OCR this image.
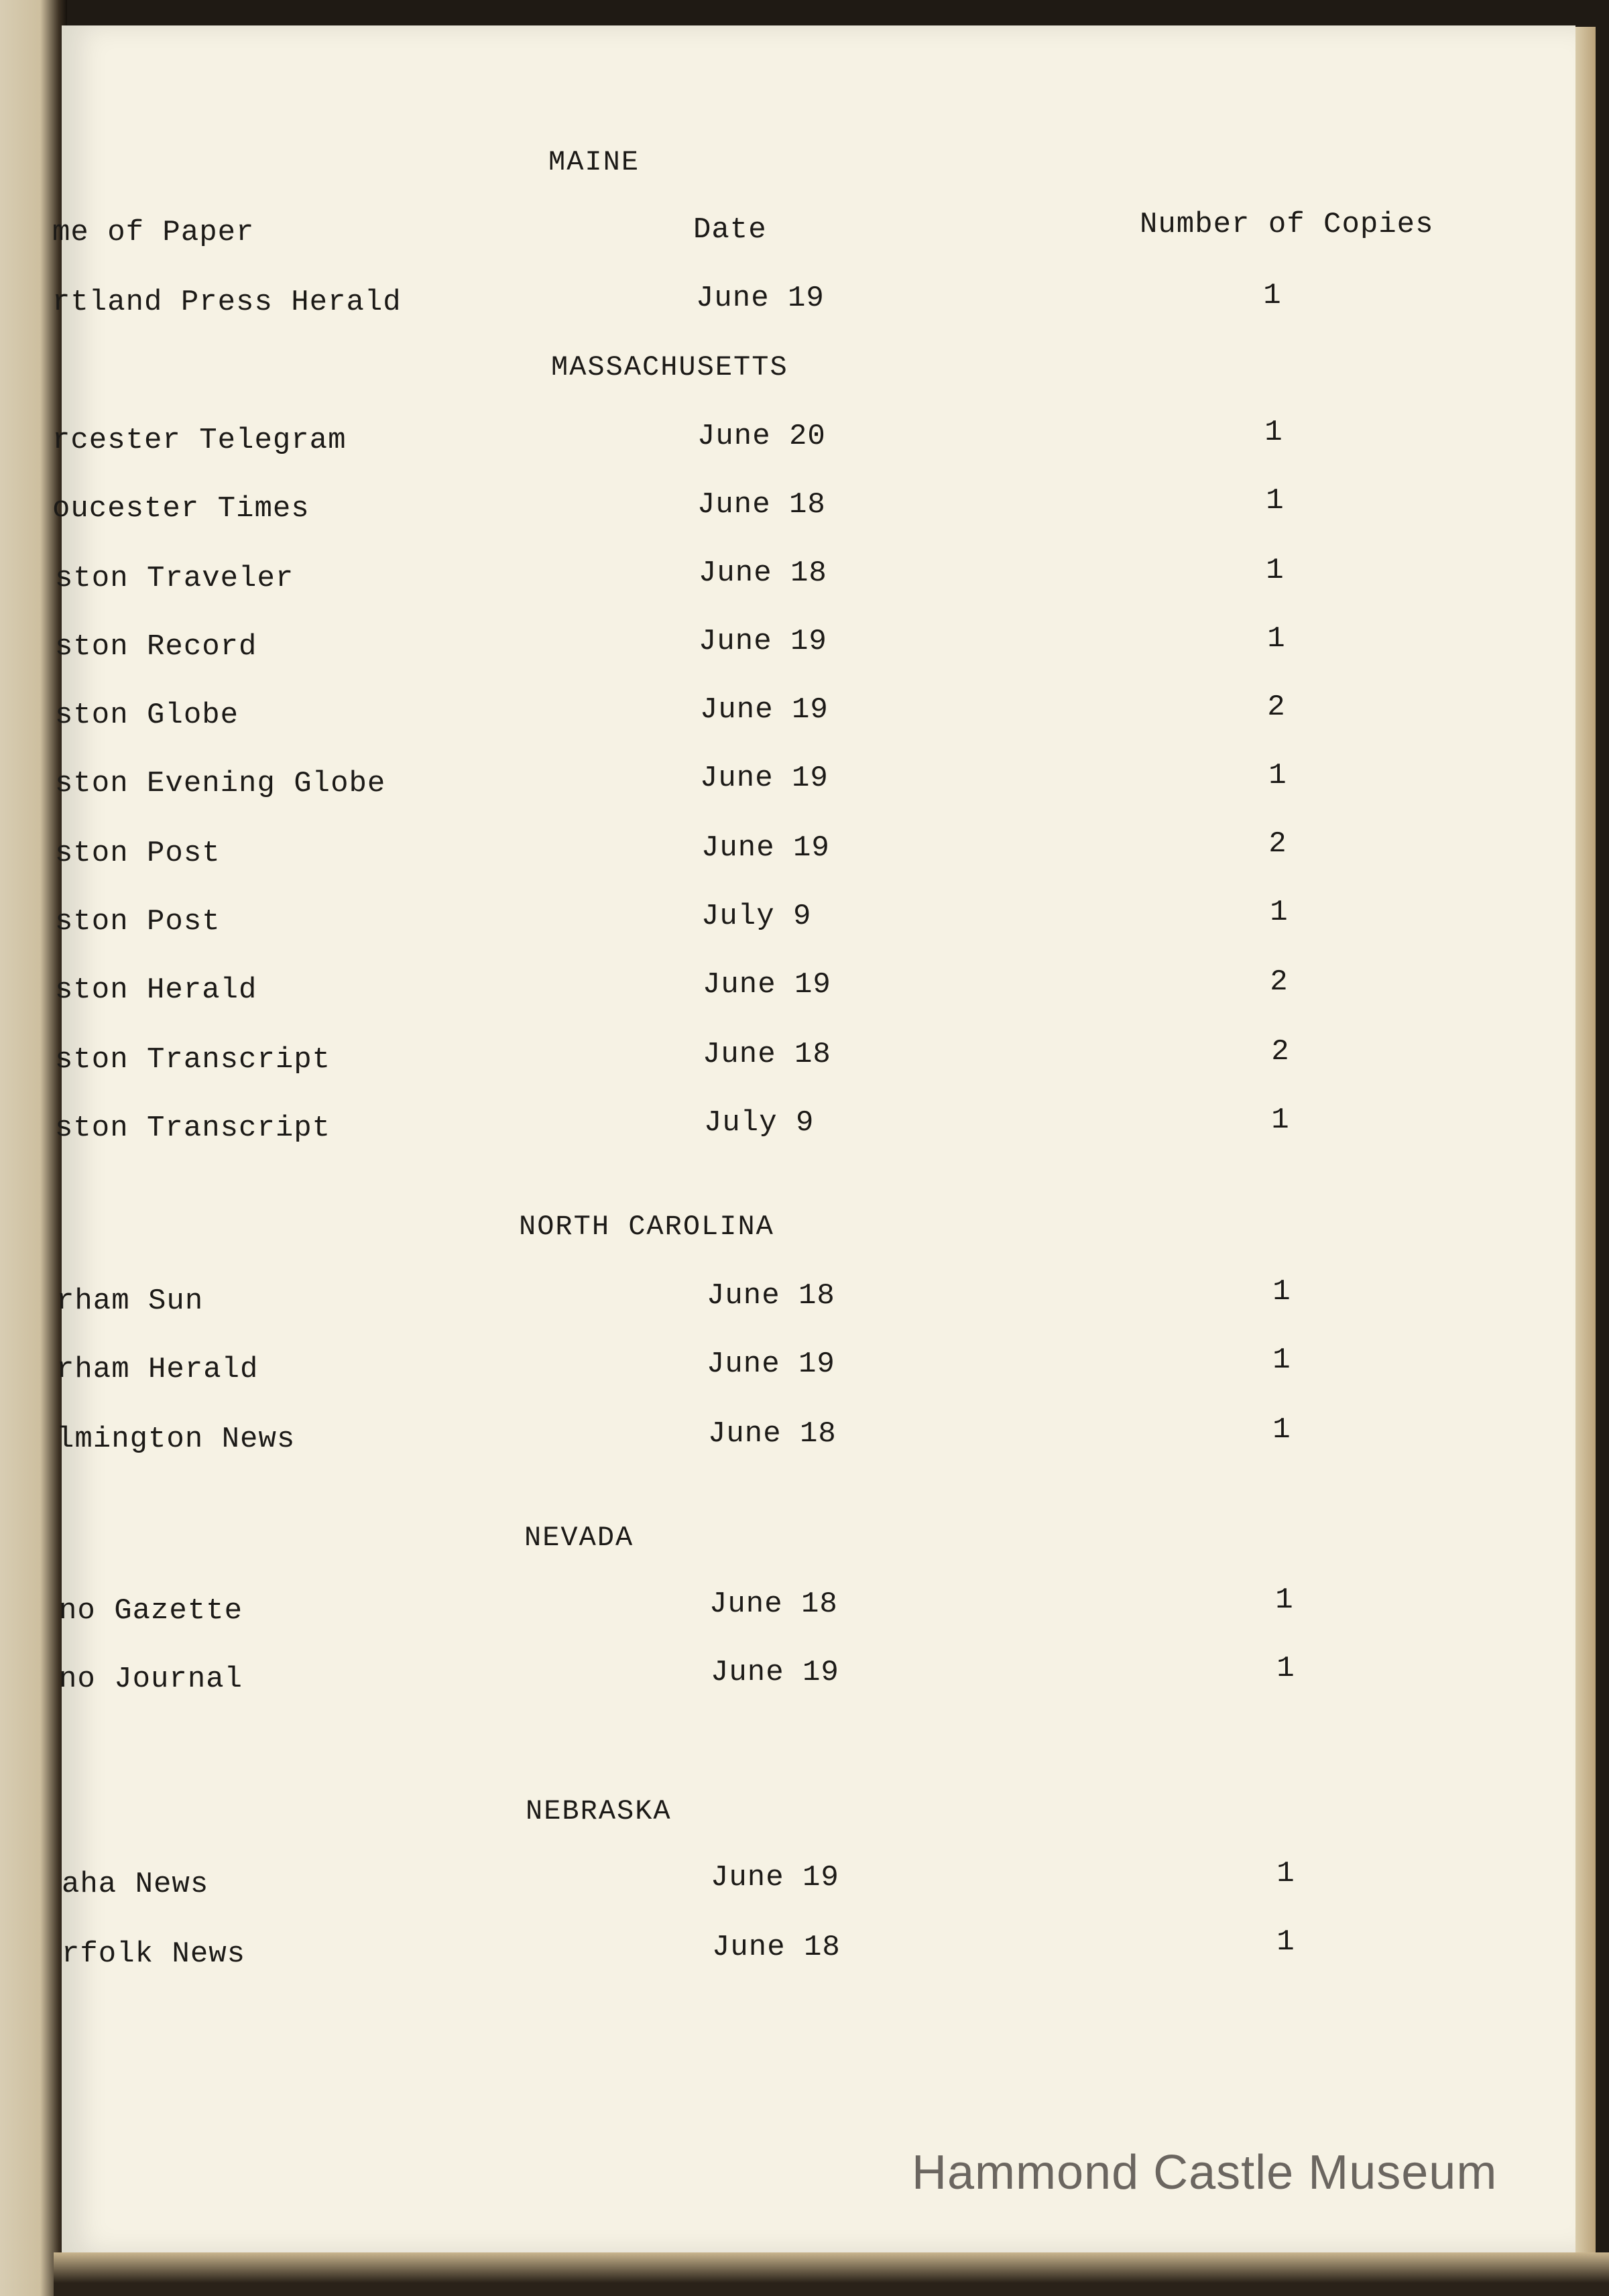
me of Paper	Date	Number of Copies
MAINE
rtland Press Herald	June 19	1
MASSACHUSETTS
rcester Telegram	June 20	1
oucester Times	June 18	1
ston Traveler	June 18	1
ston Record	June 19	1
ston Globe	June 19	2
ston Evening Globe	June 19	1
ston Post	June 19	2
ston Post	July 9	1
ston Herald	June 19	2
ston Transcript	June 18	2
ston Transcript	July 9	1
NORTH CAROLINA
rham Sun	June 18	1
rham Herald	June 19	1
lmington News	June 18	1
NEVADA
no Gazette	June 18	1
no Journal	June 19	1
NEBRASKA
aha News	June 19	1
rfolk News	June 18	1
Hammond Castle Museum
